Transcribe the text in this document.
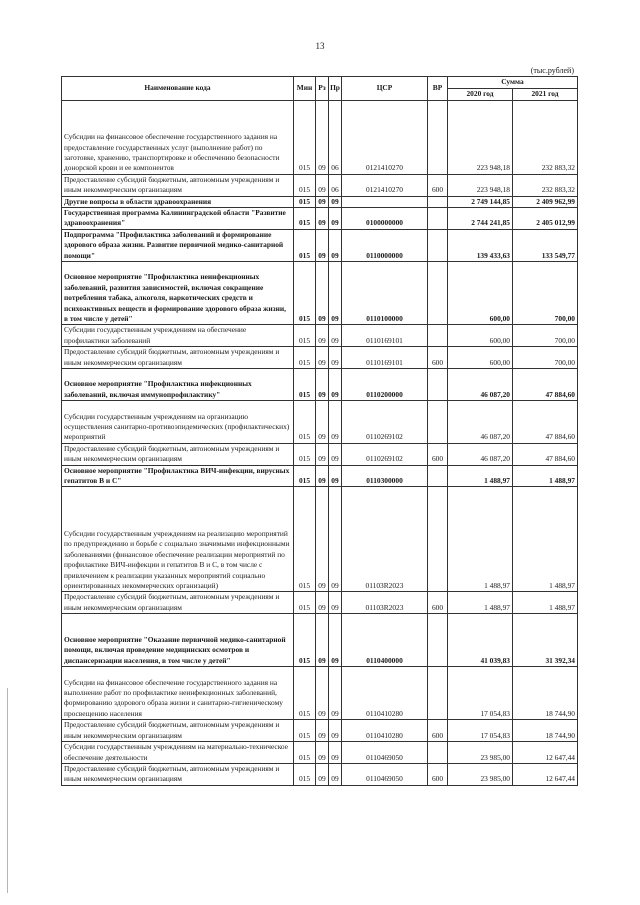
13
(тыс.рублей)
Наименование кода	Мин	Рз	Пр	ЦСР	ВР	Сумма	
						2020 год	2021 год
Субсидии на финансовое обеспечение государственного задания на предоставление государственных услуг (выполнение работ) по заготовке, хранению, транспортировке и обеспечению безопасности донорской крови и ее компонентов	015	09	06	0121410270		223 948,18	232 883,32
Предоставление субсидий бюджетным, автономным учреждениям и иным некоммерческим организациям	015	09	06	0121410270	600	223 948,18	232 883,32
Другие вопросы в области здравоохранения	015	09	09			2 749 144,85	2 409 962,99
Государственная программа Калининградской области "Развитие здравоохранения"	015	09	09	0100000000		2 744 241,85	2 405 012,99
Подпрограмма "Профилактика заболеваний и формирование здорового образа жизни. Развитие первичной медико-санитарной помощи"	015	09	09	0110000000		139 433,63	133 549,77
Основное мероприятие "Профилактика неинфекционных заболеваний, развития зависимостей, включая сокращение потребления табака, алкоголя, наркотических средств и психоактивных веществ и формирование здорового образа жизни, в том числе у детей"	015	09	09	0110100000		600,00	700,00
Субсидии государственным учреждениям на обеспечение профилактики заболеваний	015	09	09	0110169101		600,00	700,00
Предоставление субсидий бюджетным, автономным учреждениям и иным некоммерческим организациям	015	09	09	0110169101	600	600,00	700,00
Основное мероприятие "Профилактика инфекционных заболеваний, включая иммунопрофилактику"	015	09	09	0110200000		46 087,20	47 884,60
Субсидии государственным учреждениям на организацию осуществления санитарно-противоэпидемических (профилактических) мероприятий	015	09	09	0110269102		46 087,20	47 884,60
Предоставление субсидий бюджетным, автономным учреждениям и иным некоммерческим организациям	015	09	09	0110269102	600	46 087,20	47 884,60
Основное мероприятие "Профилактика ВИЧ-инфекции, вирусных гепатитов В и С"	015	09	09	0110300000		1 488,97	1 488,97
Субсидии государственным учреждениям на реализацию мероприятий по предупреждению и борьбе с социально значимыми инфекционными заболеваниями (финансовое обеспечение реализации мероприятий по профилактике ВИЧ-инфекции и гепатитов В и С, в том числе с привлечением к реализации указанных мероприятий социально ориентированных некоммерческих организаций)	015	09	09	01103R2023		1 488,97	1 488,97
Предоставление субсидий бюджетным, автономным учреждениям и иным некоммерческим организациям	015	09	09	01103R2023	600	1 488,97	1 488,97
Основное мероприятие "Оказание первичной медико-санитарной помощи, включая проведение медицинских осмотров и диспансеризации населения, в том числе у детей"	015	09	09	0110400000		41 039,83	31 392,34
Субсидии на финансовое обеспечение государственного задания на выполнение работ по профилактике неинфекционных заболеваний, формированию здорового образа жизни и санитарно-гигиеническому просвещению населения	015	09	09	0110410280		17 054,83	18 744,90
Предоставление субсидий бюджетным, автономным учреждениям и иным некоммерческим организациям	015	09	09	0110410280	600	17 054,83	18 744,90
Субсидии государственным учреждениям на материально-техническое обеспечение деятельности	015	09	09	0110469050		23 985,00	12 647,44
Предоставление субсидий бюджетным, автономным учреждениям и иным некоммерческим организациям	015	09	09	0110469050	600	23 985,00	12 647,44
